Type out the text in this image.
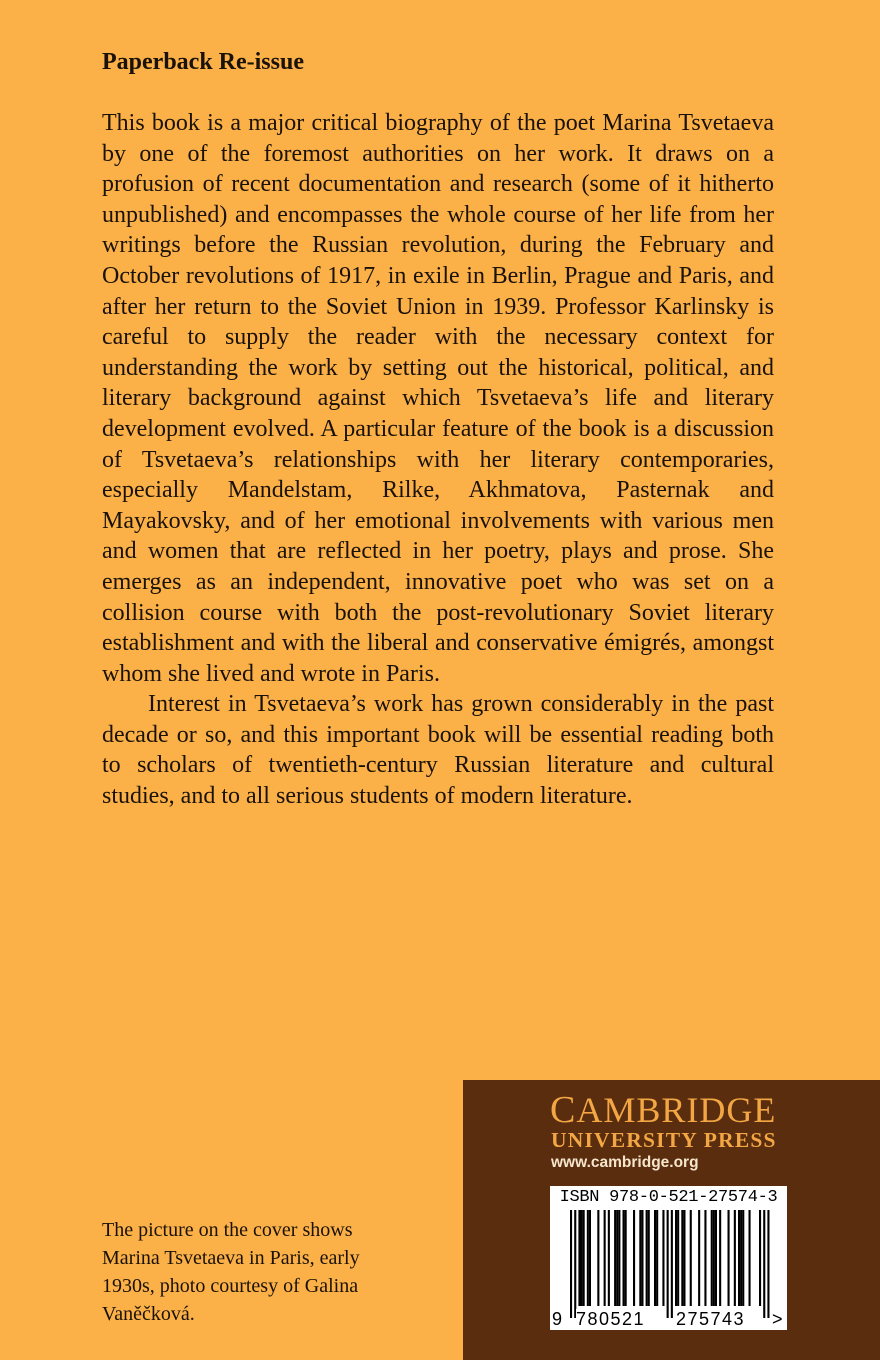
Paperback Re-issue

This book is a major critical biography of the poet Marina Tsvetaeva by one of the foremost authorities on her work. It draws on a profusion of recent documentation and research (some of it hitherto unpublished) and encompasses the whole course of her life from her writings before the Russian revolution, during the February and October revolutions of 1917, in exile in Berlin, Prague and Paris, and after her return to the Soviet Union in 1939. Professor Karlinsky is careful to supply the reader with the necessary context for understanding the work by setting out the historical, political, and literary background against which Tsvetaeva’s life and literary development evolved. A particular feature of the book is a discussion of Tsvetaeva’s relationships with her literary contemporaries, especially Mandelstam, Rilke, Akhmatova, Pasternak and Mayakovsky, and of her emotional involvements with various men and women that are reflected in her poetry, plays and prose. She emerges as an independent, innovative poet who was set on a collision course with both the post-revolutionary Soviet literary establishment and with the liberal and conservative émigrés, amongst whom she lived and wrote in Paris.

Interest in Tsvetaeva’s work has grown considerably in the past decade or so, and this important book will be essential reading both to scholars of twentieth-century Russian literature and cultural studies, and to all serious students of modern literature.

The picture on the cover shows Marina Tsvetaeva in Paris, early 1930s, photo courtesy of Galina Vaněčková.
CAMBRIDGE
UNIVERSITY PRESS
www.cambridge.org
ISBN 978-0-521-27574-3
9 780521 275743 >
